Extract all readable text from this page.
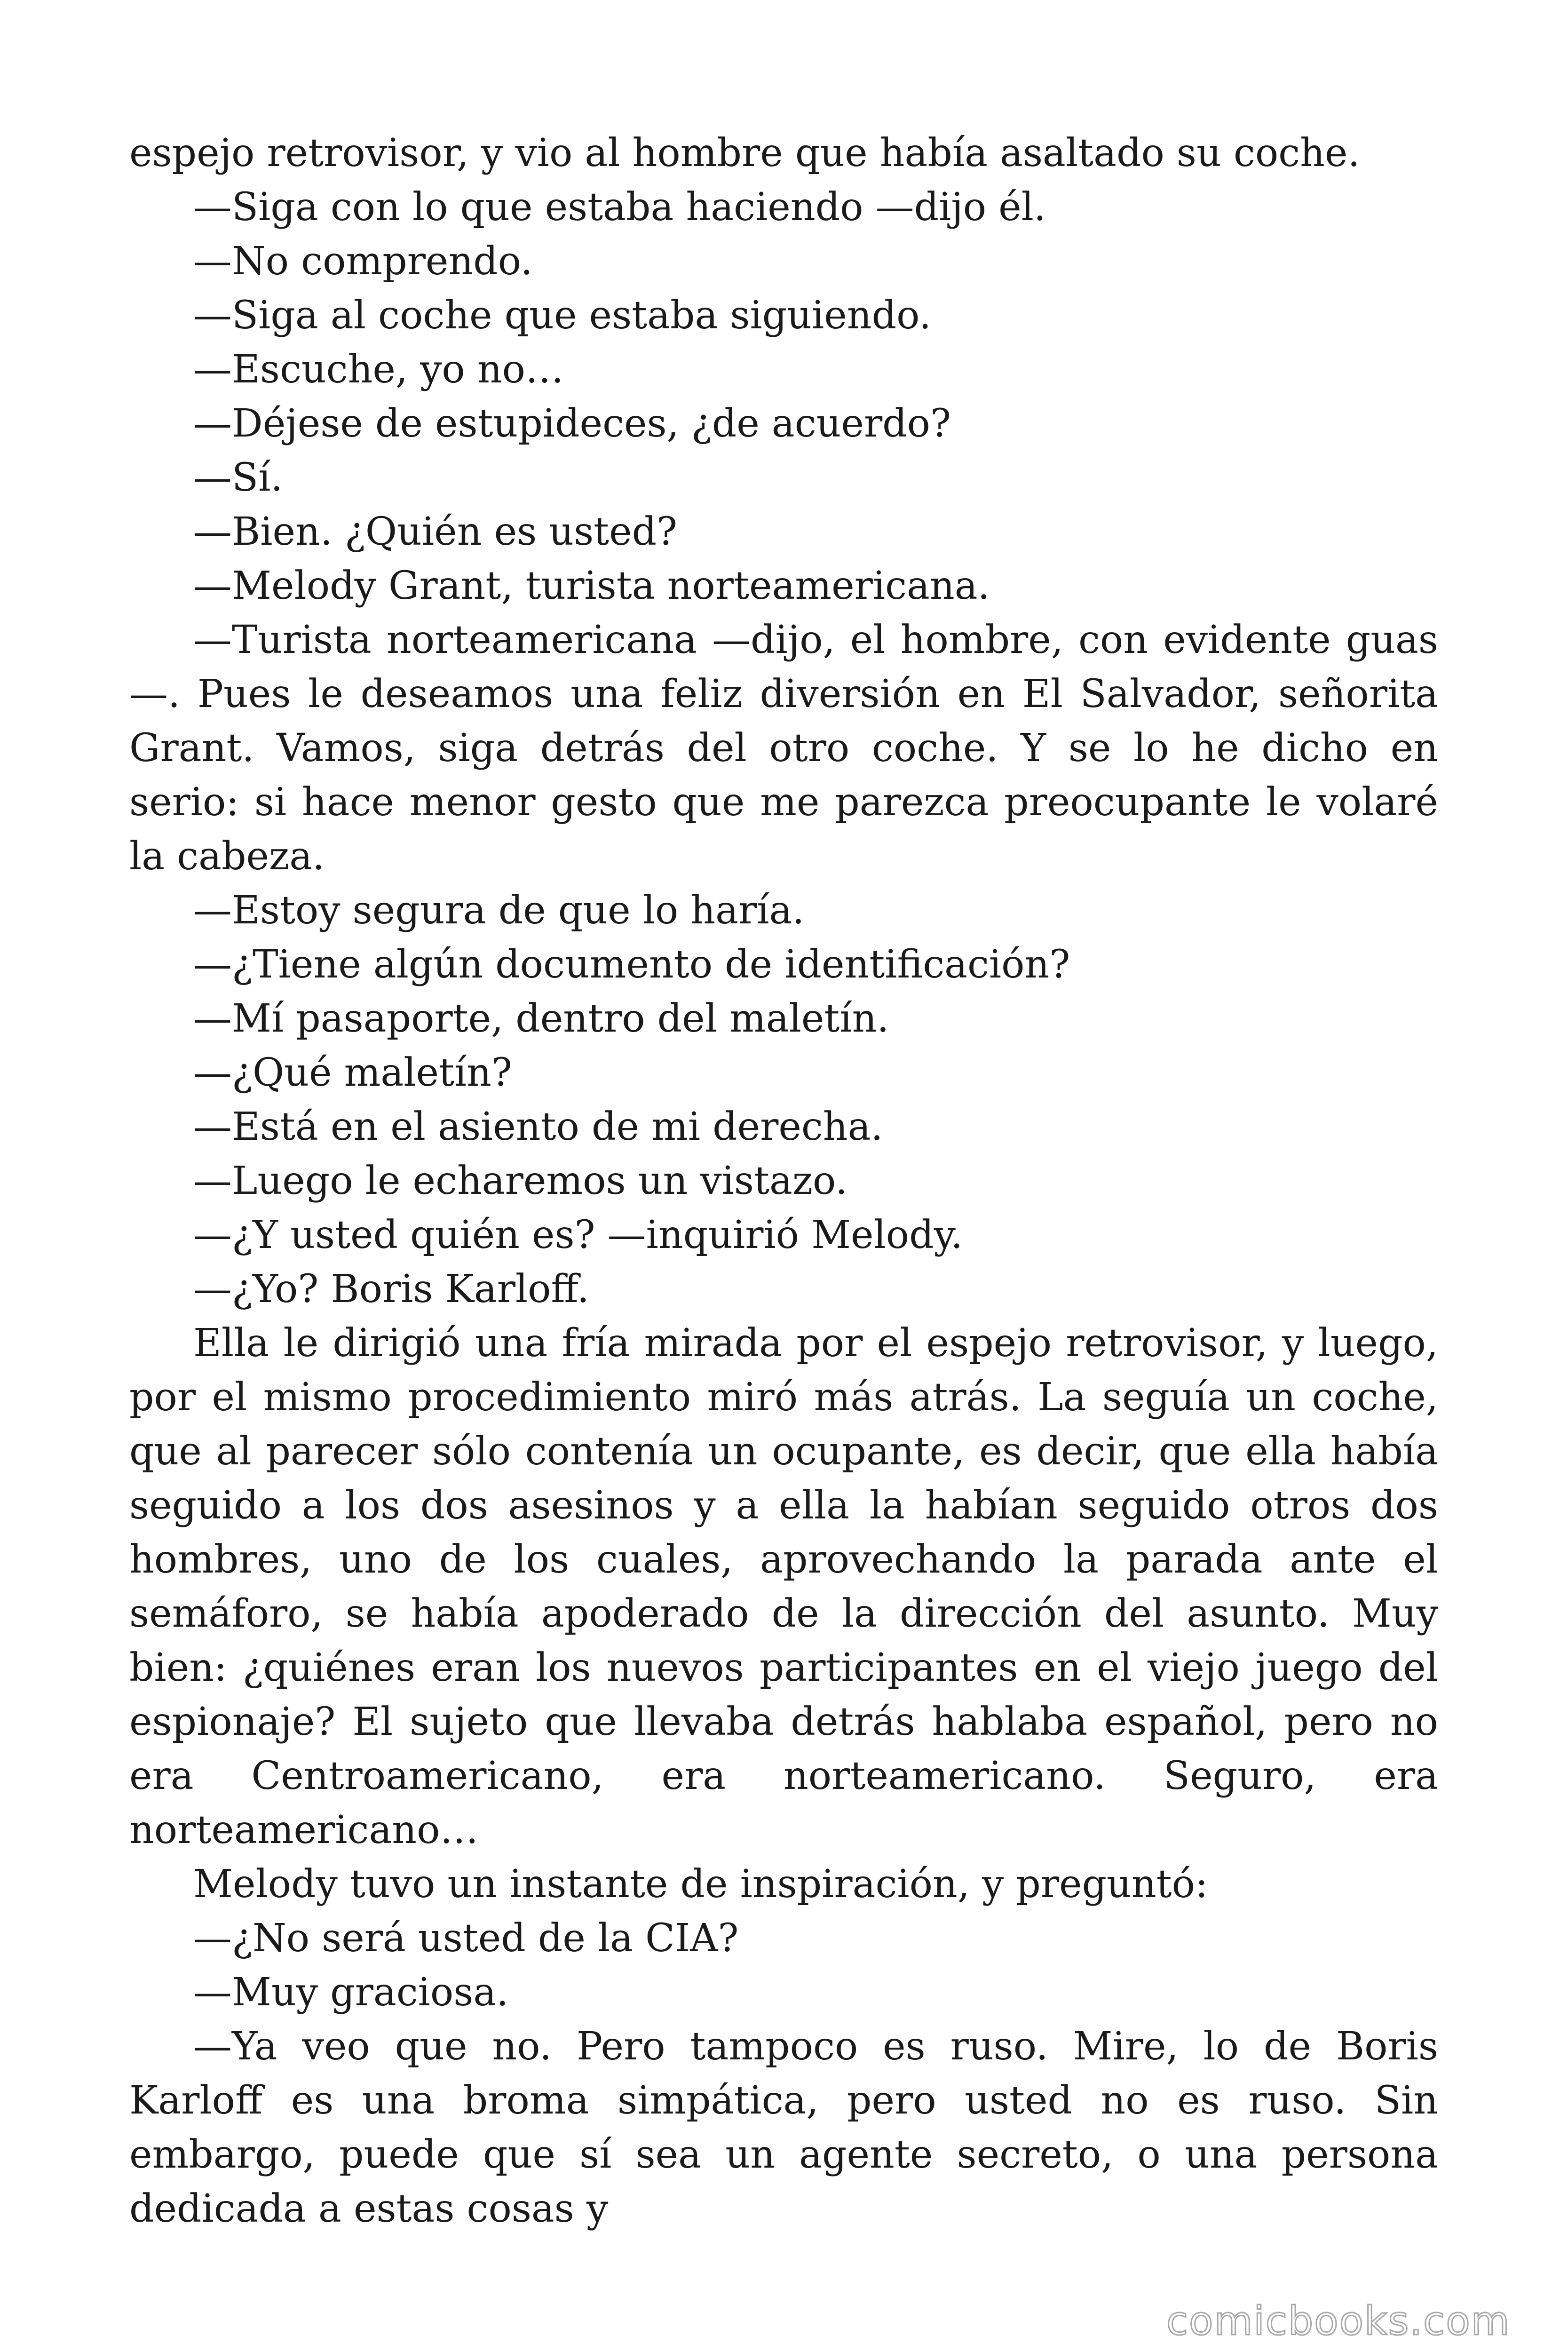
espejo retrovisor, y vio al hombre que había asaltado su coche.

—Siga con lo que estaba haciendo —dijo él.

—No comprendo.

—Siga al coche que estaba siguiendo.

—Escuche, yo no…

—Déjese de estupideces, ¿de acuerdo?

—Sí.

—Bien. ¿Quién es usted?

—Melody Grant, turista norteamericana.

—Turista norteamericana —dijo, el hombre, con evidente guas —. Pues le deseamos una feliz diversión en El Salvador, señorita Grant. Vamos, siga detrás del otro coche. Y se lo he dicho en serio: si hace menor gesto que me parezca preocupante le volaré la cabeza.

—Estoy segura de que lo haría.

—¿Tiene algún documento de identificación?

—Mí pasaporte, dentro del maletín.

—¿Qué maletín?

—Está en el asiento de mi derecha.

—Luego le echaremos un vistazo.

—¿Y usted quién es? —inquirió Melody.

—¿Yo? Boris Karloff.

Ella le dirigió una fría mirada por el espejo retrovisor, y luego, por el mismo procedimiento miró más atrás. La seguía un coche, que al parecer sólo contenía un ocupante, es decir, que ella había seguido a los dos asesinos y a ella la habían seguido otros dos hombres, uno de los cuales, aprovechando la parada ante el semáforo, se había apoderado de la dirección del asunto. Muy bien: ¿quiénes eran los nuevos participantes en el viejo juego del espionaje? El sujeto que llevaba detrás hablaba español, pero no era Centroamericano, era norteamericano. Seguro, era norteamericano…

Melody tuvo un instante de inspiración, y preguntó:

—¿No será usted de la CIA?

—Muy graciosa.

—Ya veo que no. Pero tampoco es ruso. Mire, lo de Boris Karloff es una broma simpática, pero usted no es ruso. Sin embargo, puede que sí sea un agente secreto, o una persona dedicada a estas cosas y

comicbooks.com
